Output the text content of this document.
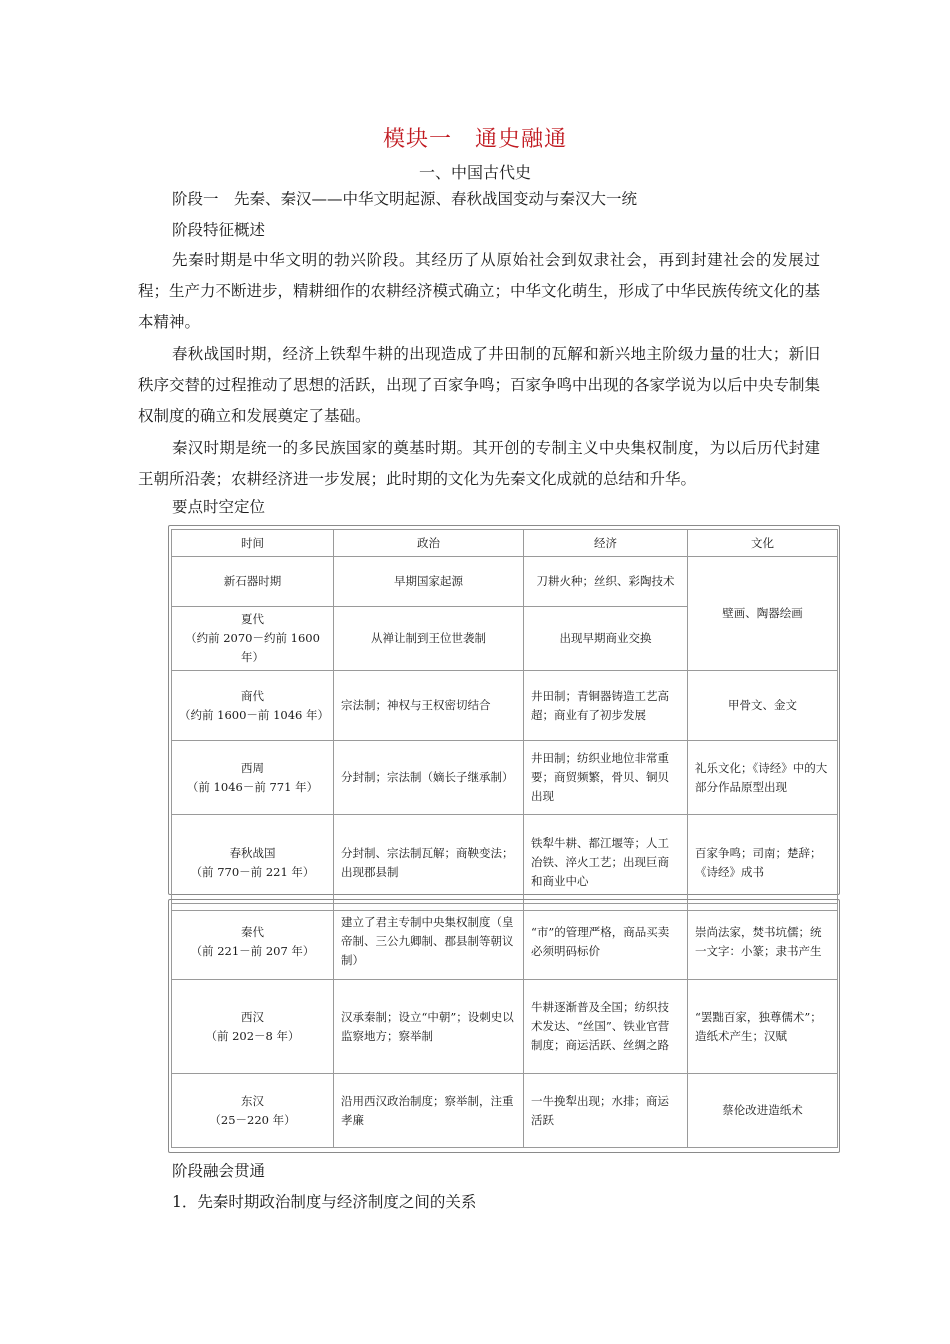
模块一　通史融通
一、中国古代史
阶段一　先秦、秦汉——中华文明起源、春秋战国变动与秦汉大一统
阶段特征概述

先秦时期是中华文明的勃兴阶段。其经历了从原始社会到奴隶社会，再到封建社会的发展过程；生产力不断进步，精耕细作的农耕经济模式确立；中华文化萌生，形成了中华民族传统文化的基本精神。

春秋战国时期，经济上铁犁牛耕的出现造成了井田制的瓦解和新兴地主阶级力量的壮大；新旧秩序交替的过程推动了思想的活跃，出现了百家争鸣；百家争鸣中出现的各家学说为以后中央专制集权制度的确立和发展奠定了基础。

秦汉时期是统一的多民族国家的奠基时期。其开创的专制主义中央集权制度，为以后历代封建王朝所沿袭；农耕经济进一步发展；此时期的文化为先秦文化成就的总结和升华。

要点时空定位
时间	政治	经济	文化
新石器时期	早期国家起源	刀耕火种；丝织、彩陶技术	壁画、陶器绘画
夏代
（约前 2070－约前 1600 年）	从禅让制到王位世袭制	出现早期商业交换	
商代
（约前 1600－前 1046 年）	宗法制；神权与王权密切结合	井田制；青铜器铸造工艺高超；商业有了初步发展	甲骨文、金文
西周
（前 1046－前 771 年）	分封制；宗法制（嫡长子继承制）	井田制；纺织业地位非常重要；商贸频繁，骨贝、铜贝出现	礼乐文化；《诗经》中的大部分作品原型出现
春秋战国
（前 770－前 221 年）	分封制、宗法制瓦解；商鞅变法；出现郡县制	铁犁牛耕、都江堰等；人工冶铁、淬火工艺；出现巨商和商业中心	百家争鸣；司南；楚辞；《诗经》成书
秦代
（前 221－前 207 年）	建立了君主专制中央集权制度（皇帝制、三公九卿制、郡县制等朝议制）	“市”的管理严格，商品买卖必须明码标价	崇尚法家，焚书坑儒；统一文字：小篆；隶书产生
西汉
（前 202－8 年）	汉承秦制；设立“中朝”；设刺史以监察地方；察举制	牛耕逐渐普及全国；纺织技术发达、“丝国”、铁业官营制度；商运活跃、丝绸之路	“罢黜百家，独尊儒术”；造纸术产生；汉赋
东汉
（25－220 年）	沿用西汉政治制度；察举制，注重孝廉	一牛挽犁出现；水排；商运活跃	蔡伦改进造纸术
阶段融会贯通
1．先秦时期政治制度与经济制度之间的关系
